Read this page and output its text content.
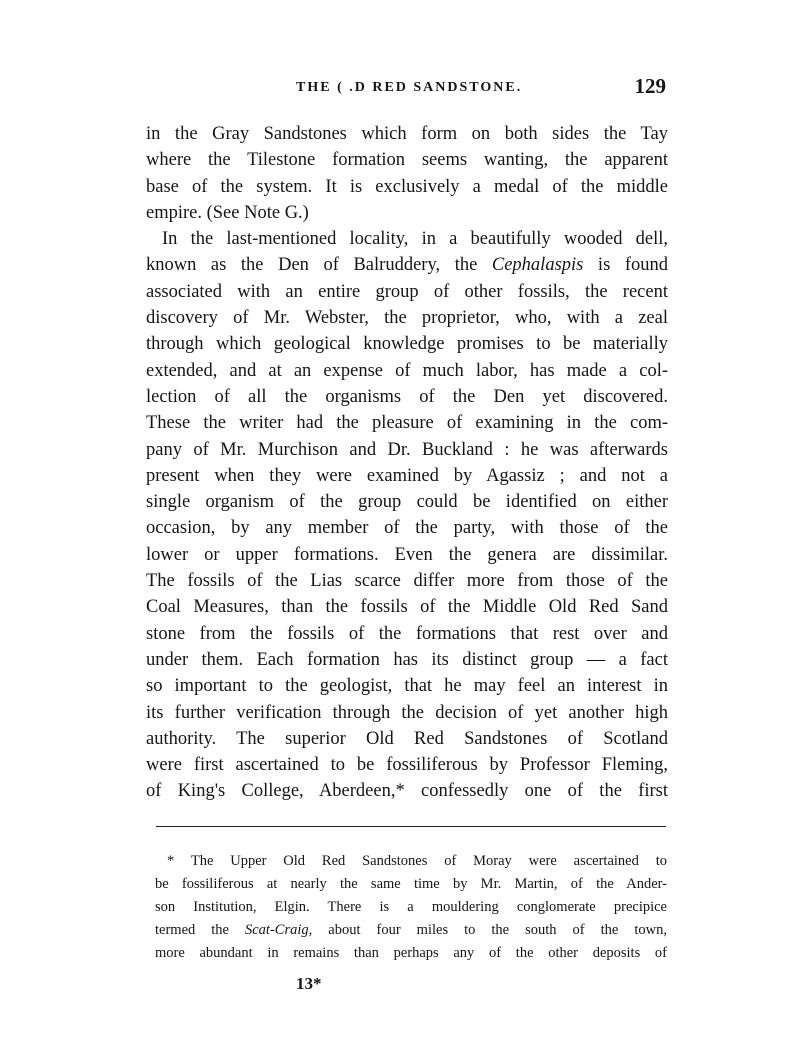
THE ( .D RED SANDSTONE.	129
in the Gray Sandstones which form on both sides the Tay
where the Tilestone formation seems wanting, the apparent
base of the system. It is exclusively a medal of the middle
empire. (See Note G.)
In the last-mentioned locality, in a beautifully wooded dell,
known as the Den of Balruddery, the Cephalaspis is found
associated with an entire group of other fossils, the recent
discovery of Mr. Webster, the proprietor, who, with a zeal
through which geological knowledge promises to be materially
extended, and at an expense of much labor, has made a col-
lection of all the organisms of the Den yet discovered.
These the writer had the pleasure of examining in the com-
pany of Mr. Murchison and Dr. Buckland : he was afterwards
present when they were examined by Agassiz ; and not a
single organism of the group could be identified on either
occasion, by any member of the party, with those of the
lower or upper formations. Even the genera are dissimilar.
The fossils of the Lias scarce differ more from those of the
Coal Measures, than the fossils of the Middle Old Red Sand
stone from the fossils of the formations that rest over and
under them. Each formation has its distinct group — a fact
so important to the geologist, that he may feel an interest in
its further verification through the decision of yet another high
authority. The superior Old Red Sandstones of Scotland
were first ascertained to be fossiliferous by Professor Fleming,
of King's College, Aberdeen,* confessedly one of the first
* The Upper Old Red Sandstones of Moray were ascertained to
be fossiliferous at nearly the same time by Mr. Martin, of the Ander-
son Institution, Elgin. There is a mouldering conglomerate precipice
termed the Scat-Craig, about four miles to the south of the town,
more abundant in remains than perhaps any of the other deposits of
13*
